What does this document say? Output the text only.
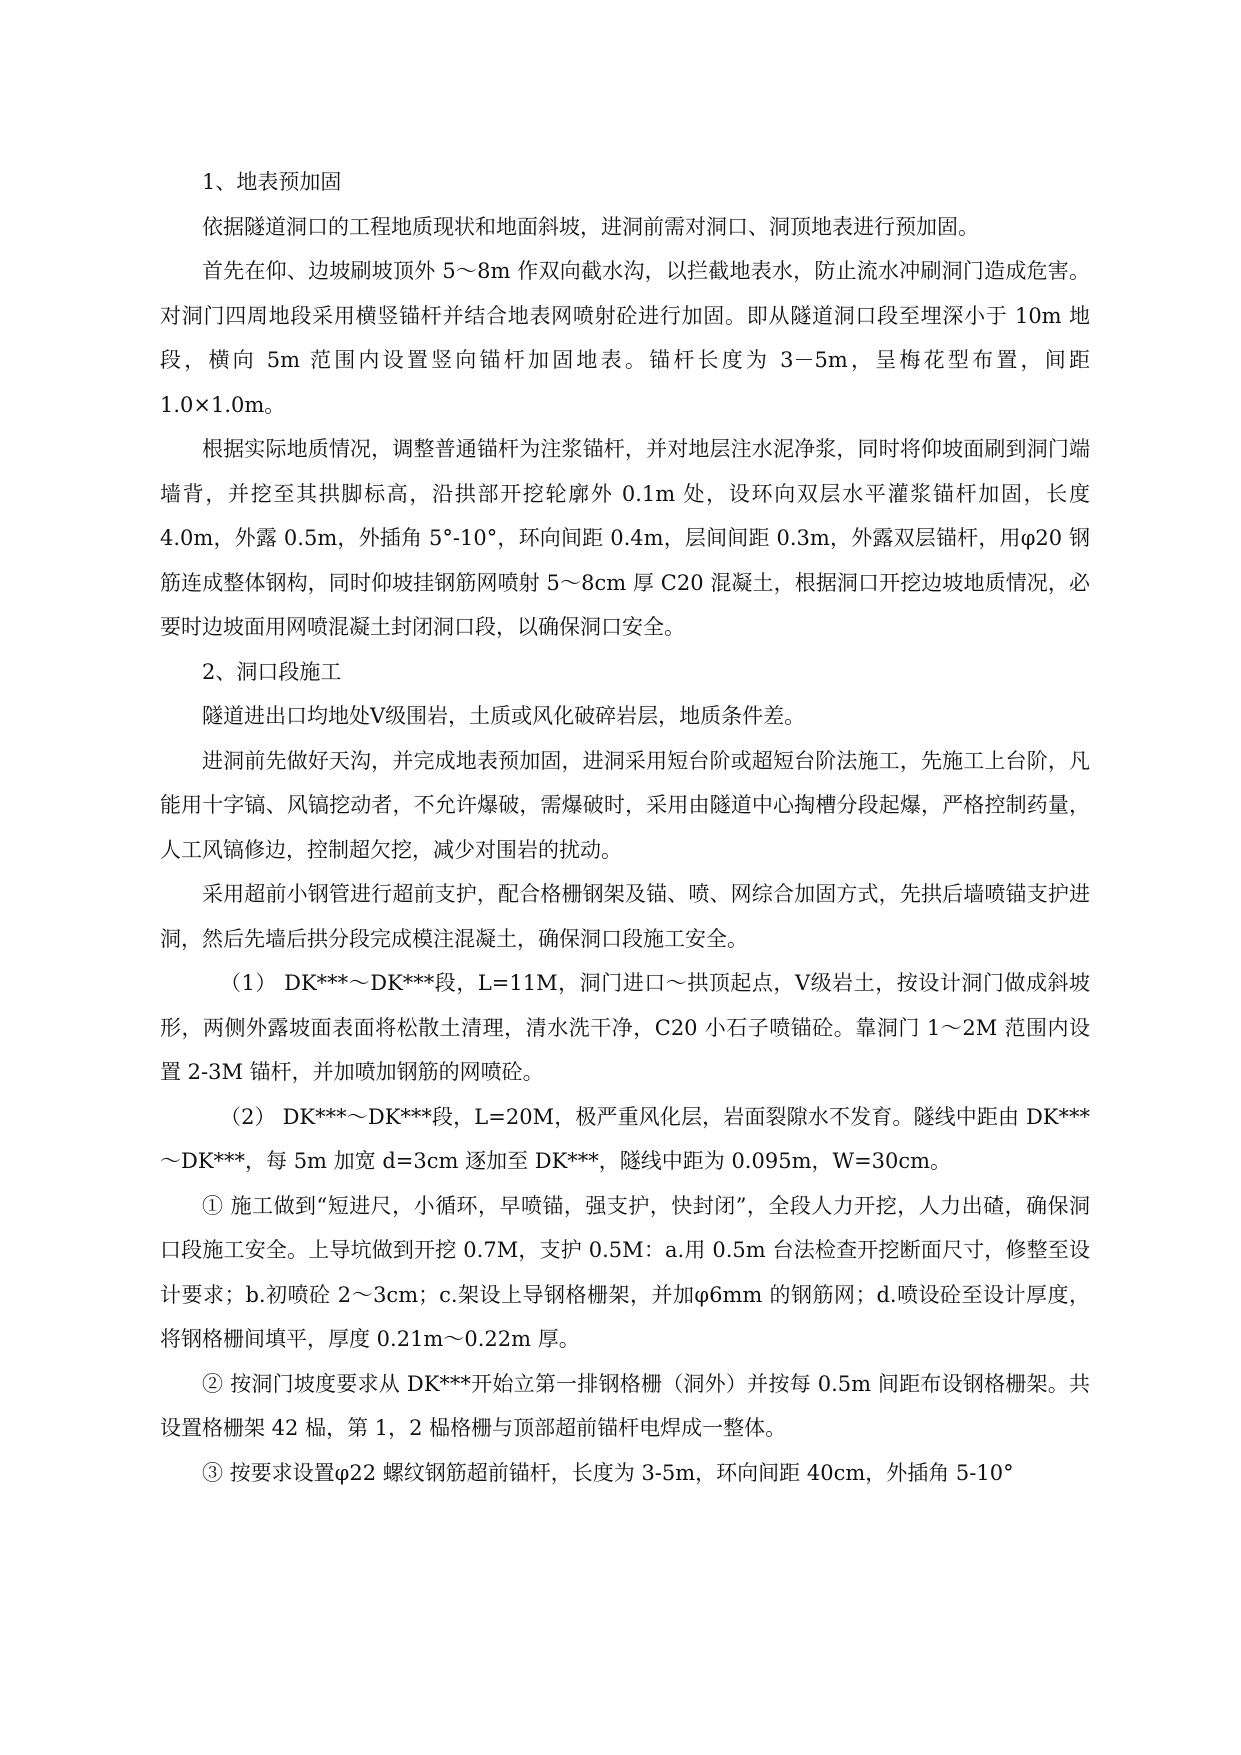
1、地表预加固

依据隧道洞口的工程地质现状和地面斜坡，进洞前需对洞口、洞顶地表进行预加固。

首先在仰、边坡刷坡顶外 5～8m 作双向截水沟，以拦截地表水，防止流水冲刷洞门造成危害。对洞门四周地段采用横竖锚杆并结合地表网喷射砼进行加固。即从隧道洞口段至埋深小于 10m 地段，横向 5m 范围内设置竖向锚杆加固地表。锚杆长度为 3－5m，呈梅花型布置，间距 1.0×1.0m。

根据实际地质情况，调整普通锚杆为注浆锚杆，并对地层注水泥净浆，同时将仰坡面刷到洞门端墙背，并挖至其拱脚标高，沿拱部开挖轮廓外 0.1m 处，设环向双层水平灌浆锚杆加固，长度 4.0m，外露 0.5m，外插角 5°-10°，环向间距 0.4m，层间间距 0.3m，外露双层锚杆，用φ20 钢筋连成整体钢构，同时仰坡挂钢筋网喷射 5～8cm 厚 C20 混凝土，根据洞口开挖边坡地质情况，必要时边坡面用网喷混凝土封闭洞口段，以确保洞口安全。

2、洞口段施工

隧道进出口均地处Ⅴ级围岩，土质或风化破碎岩层，地质条件差。

进洞前先做好天沟，并完成地表预加固，进洞采用短台阶或超短台阶法施工，先施工上台阶，凡能用十字镐、风镐挖动者，不允许爆破，需爆破时，采用由隧道中心掏槽分段起爆，严格控制药量，人工风镐修边，控制超欠挖，减少对围岩的扰动。

采用超前小钢管进行超前支护，配合格栅钢架及锚、喷、网综合加固方式，先拱后墙喷锚支护进洞，然后先墙后拱分段完成模注混凝土，确保洞口段施工安全。

（1） DK***～DK***段，L=11M，洞门进口～拱顶起点，Ⅴ级岩土，按设计洞门做成斜坡形，两侧外露坡面表面将松散土清理，清水洗干净，C20 小石子喷锚砼。靠洞门 1～2M 范围内设置 2-3M 锚杆，并加喷加钢筋的网喷砼。

（2） DK***～DK***段，L=20M，极严重风化层，岩面裂隙水不发育。隧线中距由 DK***～DK***，每 5m 加宽 d=3cm 逐加至 DK***，隧线中距为 0.095m，W=30cm。

① 施工做到“短进尺，小循环，早喷锚，强支护，快封闭”，全段人力开挖，人力出碴，确保洞口段施工安全。上导坑做到开挖 0.7M，支护 0.5M：a.用 0.5m 台法检查开挖断面尺寸，修整至设计要求；b.初喷砼 2～3cm；c.架设上导钢格栅架，并加φ6mm 的钢筋网；d.喷设砼至设计厚度，将钢格栅间填平，厚度 0.21m～0.22m 厚。

② 按洞门坡度要求从 DK***开始立第一排钢格栅（洞外）并按每 0.5m 间距布设钢格栅架。共设置格栅架 42 榀，第 1，2 榀格栅与顶部超前锚杆电焊成一整体。

③ 按要求设置φ22 螺纹钢筋超前锚杆，长度为 3-5m，环向间距 40cm，外插角 5-10°
